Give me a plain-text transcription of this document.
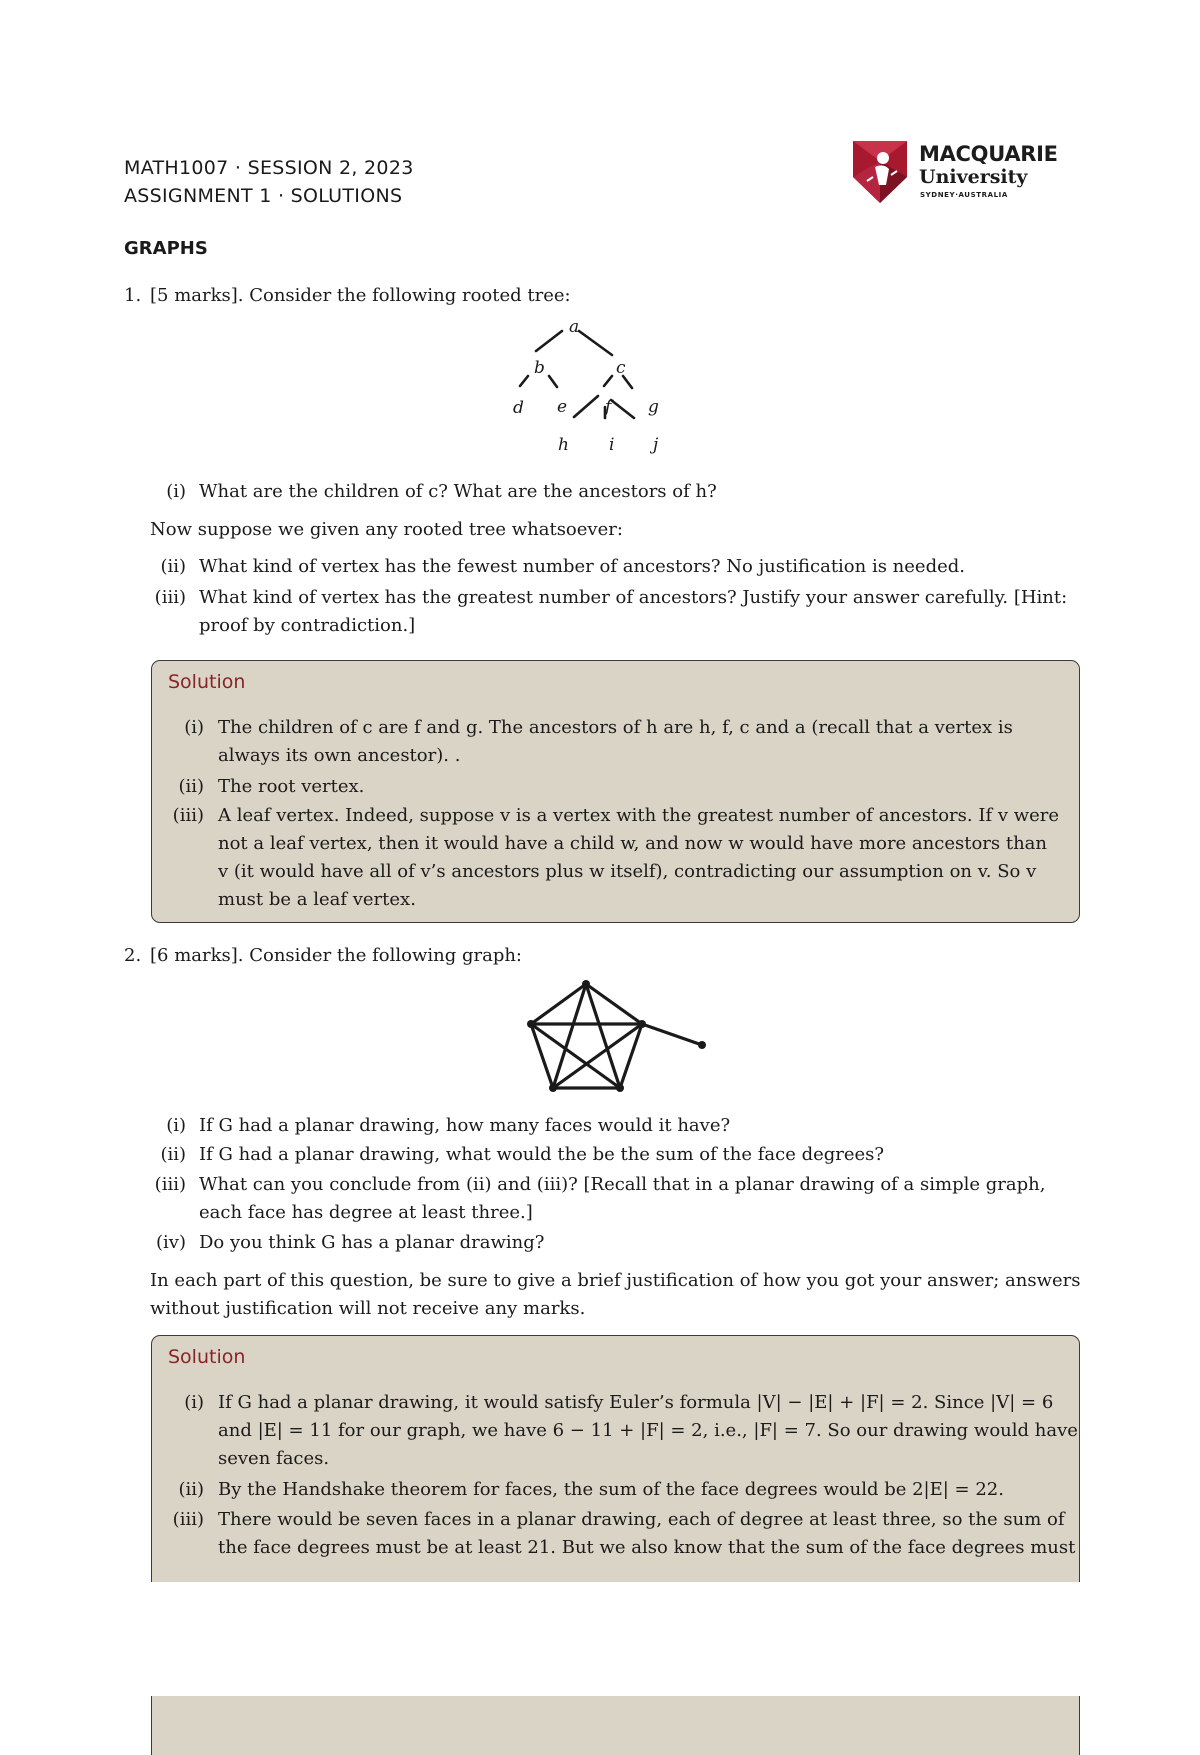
MATH1007 · SESSION 2, 2023
ASSIGNMENT 1 · SOLUTIONS
MACQUARIE
University
SYDNEY·AUSTRALIA
GRAPHS
1. [5 marks]. Consider the following rooted tree:
a
b	c
d e f g
h i j
(i) What are the children of c? What are the ancestors of h?
Now suppose we given any rooted tree whatsoever:
(ii) What kind of vertex has the fewest number of ancestors? No justification is needed.
(iii) What kind of vertex has the greatest number of ancestors? Justify your answer carefully. [Hint:
proof by contradiction.]
Solution
(i) The children of c are f and g. The ancestors of h are h, f, c and a (recall that a vertex is
always its own ancestor). .
(ii) The root vertex.
(iii) A leaf vertex. Indeed, suppose v is a vertex with the greatest number of ancestors. If v were
not a leaf vertex, then it would have a child w, and now w would have more ancestors than
v (it would have all of v’s ancestors plus w itself), contradicting our assumption on v. So v
must be a leaf vertex.
2. [6 marks]. Consider the following graph:
(i) If G had a planar drawing, how many faces would it have?
(ii) If G had a planar drawing, what would the be the sum of the face degrees?
(iii) What can you conclude from (ii) and (iii)? [Recall that in a planar drawing of a simple graph,
each face has degree at least three.]
(iv) Do you think G has a planar drawing?
In each part of this question, be sure to give a brief justification of how you got your answer; answers
without justification will not receive any marks.
Solution
(i) If G had a planar drawing, it would satisfy Euler’s formula |V| − |E| + |F| = 2. Since |V| = 6
and |E| = 11 for our graph, we have 6 − 11 + |F| = 2, i.e., |F| = 7. So our drawing would have
seven faces.
(ii) By the Handshake theorem for faces, the sum of the face degrees would be 2|E| = 22.
(iii) There would be seven faces in a planar drawing, each of degree at least three, so the sum of
the face degrees must be at least 21. But we also know that the sum of the face degrees must
